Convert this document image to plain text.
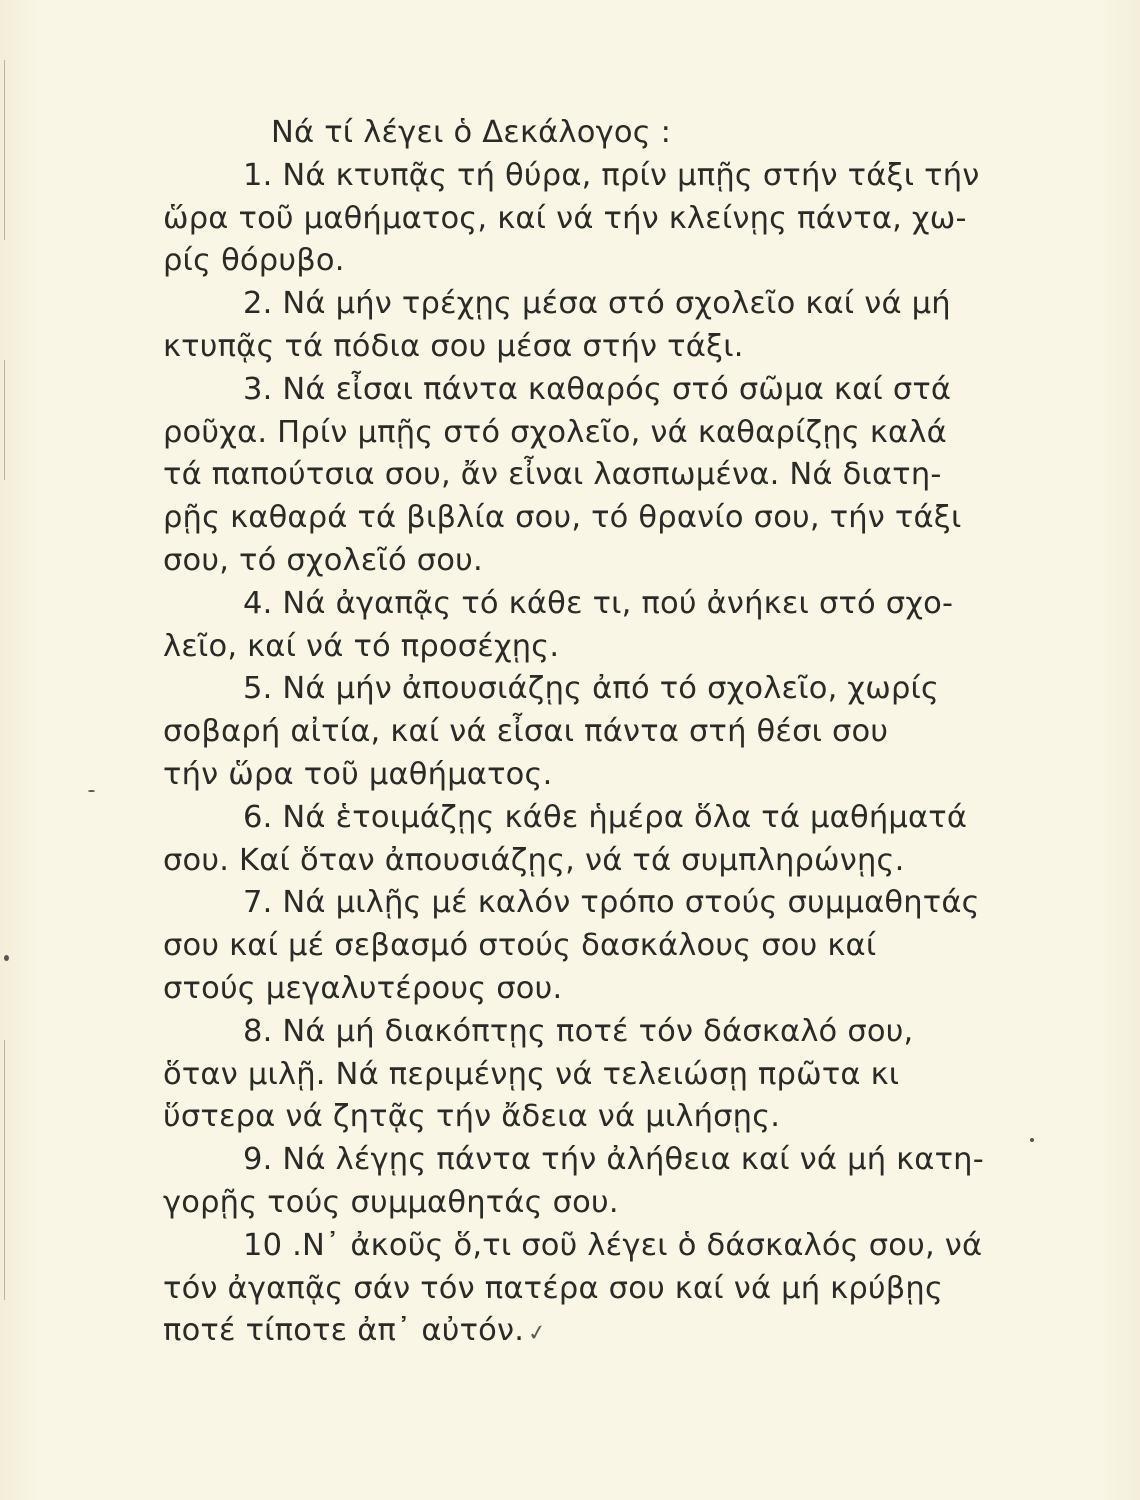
Νά τί λέγει ὁ Δεκάλογος :

1. Νά κτυπᾷς τή θύρα, πρίν μπῇς στήν τάξι τήν
ὥρα τοῦ μαθήματος, καί νά τήν κλείνῃς πάντα, χω-
ρίς θόρυβο.

2. Νά μήν τρέχῃς μέσα στό σχολεῖο καί νά μή
κτυπᾷς τά πόδια σου μέσα στήν τάξι.

3. Νά εἶσαι πάντα καθαρός στό σῶμα καί στά
ροῦχα. Πρίν μπῇς στό σχολεῖο, νά καθαρίζῃς καλά
τά παπούτσια σου, ἄν εἶναι λασπωμένα. Νά διατη-
ρῇς καθαρά τά βιβλία σου, τό θρανίο σου, τήν τάξι
σου, τό σχολεῖό σου.

4. Νά ἀγαπᾷς τό κάθε τι, πού ἀνήκει στό σχο-
λεῖο, καί νά τό προσέχῃς.

5. Νά μήν ἀπουσιάζῃς ἀπό τό σχολεῖο, χωρίς
σοβαρή αἰτία, καί νά εἶσαι πάντα στή θέσι σου
τήν ὥρα τοῦ μαθήματος.

6. Νά ἑτοιμάζῃς κάθε ἡμέρα ὅλα τά μαθήματά
σου. Καί ὅταν ἀπουσιάζῃς, νά τά συμπληρώνῃς.

7. Νά μιλῇς μέ καλόν τρόπο στούς συμμαθητάς
σου καί μέ σεβασμό στούς δασκάλους σου καί
στούς μεγαλυτέρους σου.

8. Νά μή διακόπτῃς ποτέ τόν δάσκαλό σου,
ὅταν μιλῇ. Νά περιμένῃς νά τελειώσῃ πρῶτα κι
ὕστερα νά ζητᾷς τήν ἄδεια νά μιλήσῃς.

9. Νά λέγῃς πάντα τήν ἀλήθεια καί νά μή κατη-
γορῇς τούς συμμαθητάς σου.

10 .Ν᾿ ἀκοῦς ὅ,τι σοῦ λέγει ὁ δάσκαλός σου, νά
τόν ἀγαπᾷς σάν τόν πατέρα σου καί νά μή κρύβῃς
ποτέ τίποτε ἀπ᾿ αὐτόν. ✓
